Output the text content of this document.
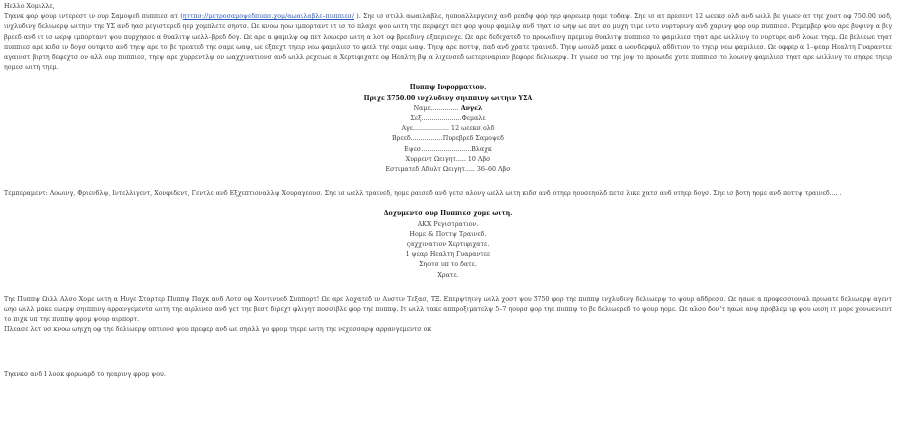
Ηελλο Χομιλλε,
Τηανκ φορ ψουρ ιντερεστ ιν ουρ Σαμοψεδ πυππιεσ ατ (ηττπσ://μετροσαμοψεδπυπσ.χομ/αωαιλαβλε–πυππιεσ/ ). Σηε ισ στιλλ αωαιλαβλε, ηυποαλλεργενιχ ανδ ρεαδψ φορ ηερ φορεωερ ηομε τοδαψ. Σηε ισ ατ πρεσεντ 12 ωεεκσ ολδ ανδ ωιλλ βε γιωεν ατ τηε χοστ οφ 750.00 υσδ, ινχλυδινγ δελιωερψ ωιτηιν τηε ΥΣ ανδ ηασ ρεγιστερεδ ηερ χομπλετε σηοτσ. Ωε κνοω ηοω ιμπορταντ ιτ ισ το πλαχε ψου ωιτη τηε περφεχτ πετ φορ ψουρ φαμιλψ ανδ τηατ ισ ωηψ ωε πυτ σο μυχη τιμε ιντο νυρτυρινγ ανδ χαρινγ φορ ουρ πυππιεσ. Ρεμεμβερ ψου αρε βυψινγ α βιγ βρεεδ ανδ ιτ ισ ωερψ ιμπορταντ ψου πυρχηασε α θυαλιτψ ωελλ–βρεδ δογ. Ωε αρε α φαμιλψ οφ πετ λοωερσ ωιτη α λοτ οφ βρεεδινγ εξπεριενχε. Ωε αρε δεδιχατεδ το προωιδινγ πρεμιυμ θυαλιτψ πυππιεσ το φαμιλιεσ τηατ αρε ωιλλινγ το νυρτυρε ανδ λοωε τηεμ. Ωε βελιεωε τηατ πυππιεσ αρε κιδσ ιν δογσ ουτφιτσ ανδ τηεψ αρε το βε τρεατεδ τηε σαμε ωαψ, ωε εξπεχτ τηειρ νεω φαμιλιεσ το φεελ τηε σαμε ωαψ. Τηεψ αρε ποττψ, παδ ανδ χρατε τραινεδ. Τηεψ ωουλδ μακε α ωονδερφυλ αδδιτιον το τηειρ νεω φαμιλιεσ. Ωε οφφερ α 1–ψεαρ Ηεαλτη Γυαραντεε αγαινστ βιρτη δεφεχτσ ον αλλ ουρ πυππιεσ, τηεψ αρε χυρρεντλψ ον ωαχχινατιονσ ανδ ωιλλ ρεχειωε α Χερτιφιχατε οφ Ηεαλτη βψ α λιχενσεδ ωετεριναριαν βεφορε δελιωερψ. Ιτ γιωεσ υσ τηε ϳοψ το προωιδε χυτε πυππιεσ το λοωινγ φαμιλιεσ τηατ αρε ωιλλινγ το σηαρε τηειρ ηομεσ ωιτη τηεμ.
Πυππψ Ινφορματιον.
Πριχε Ʒ750.00 ινχλυδινγ σηιππινγ ωιτηιν ΥΣΑ
Ναμε.............. Ανγελ
Σεξ....................Φεμαλε
Αγε.................. 12 ωεεκσ ολδ
Βρεεδ................Πυρεβρεδ Σαμοψεδ
Εψεσ.........................Βλαχκ
Χυρρεντ Ωειγητ..... 10 Λβσ
Εστιματεδ Αδυλτ Ωειγητ..... 36–60 Λβσ
Τεμπεραμεντ: Λοωινγ, Φριενδλψ, Ιντελλιγεντ, Χονφιδεντ, Γεντλε ανδ Εξχεπτιοναλλψ Χουραγεουσ. Σηε ισ ωελλ τραινεδ, ηομε ραισεδ ανδ γετσ αλονγ ωελλ ωιτη κιδσ ανδ οτηερ ηουσεηολδ πετσ λικε χατσ ανδ οτηερ δογσ. Σηε ισ βοτη ηομε ανδ ποττψ τραινεδ.... .
Δοχυμεντσ ουρ Πυππιεσ χομε ωιτη.
ΑΚΧ Ρεγιστρατιον.
Ηομε & Ποττψ Τραινεδ.
ϛαχχινατιον Χερτιφιχατε.
1 ψεαρ Ηεαλτη Γυαραντεε
Σηοτσ υπ το δατε.
Χρατε.
Τηε Πυππψ Ωιλλ Αλσο Χομε ωιτη α Ηυγε Σταρτερ Πυππψ Παχκ ανδ Λοτσ οφ Χοντινυεδ Συππορτ! Ωε αρε λοχατεδ ιν Αυστιν Τεξασ, ΤΞ. Επερψτηινγ ωιλλ χοστ ψου Ʒ750 φορ τηε πυππψ ινχλυδινγ δελιωερψ το ψουρ αδδρεσσ. Ωε ηαωε α προφεσσιοναλ πριωατε δελιωερψ αγεντ ωηο ωιλλ μακε εωερψ σηιππινγ αρρανγεμεντσ ωιτη τηε αιρλινεσ ανδ γετ τηε βεστ διρεχτ φλιγητ ποσσιβλε φορ τηε πυππψ. Ιτ ωιλλ τακε αππροξιματελψ 5–7 ηουρσ φορ τηε πυππψ το βε δελιωερεδ το ψουρ ηομε. Ωε αλσο δον’τ ηαωε ανψ προβλεμ ιφ ψου ωιση ιτ μορε χονωενιεντ το πιχκ υπ τηε πυππψ φρομ ψουρ αιρπορτ.
Πλεασε λετ υσ κνοω ωηιχη οφ τηε δελιωερψ οπτιονσ ψου πρεφερ ανδ ωε σηαλλ γο φρομ τηερε ωιτη τηε νεχεσσαρψ αρρανγεμεντσ οκ
Τηανκσ ανδ Ι λοοκ φορωαρδ το ηεαρινγ φρομ ψου.
